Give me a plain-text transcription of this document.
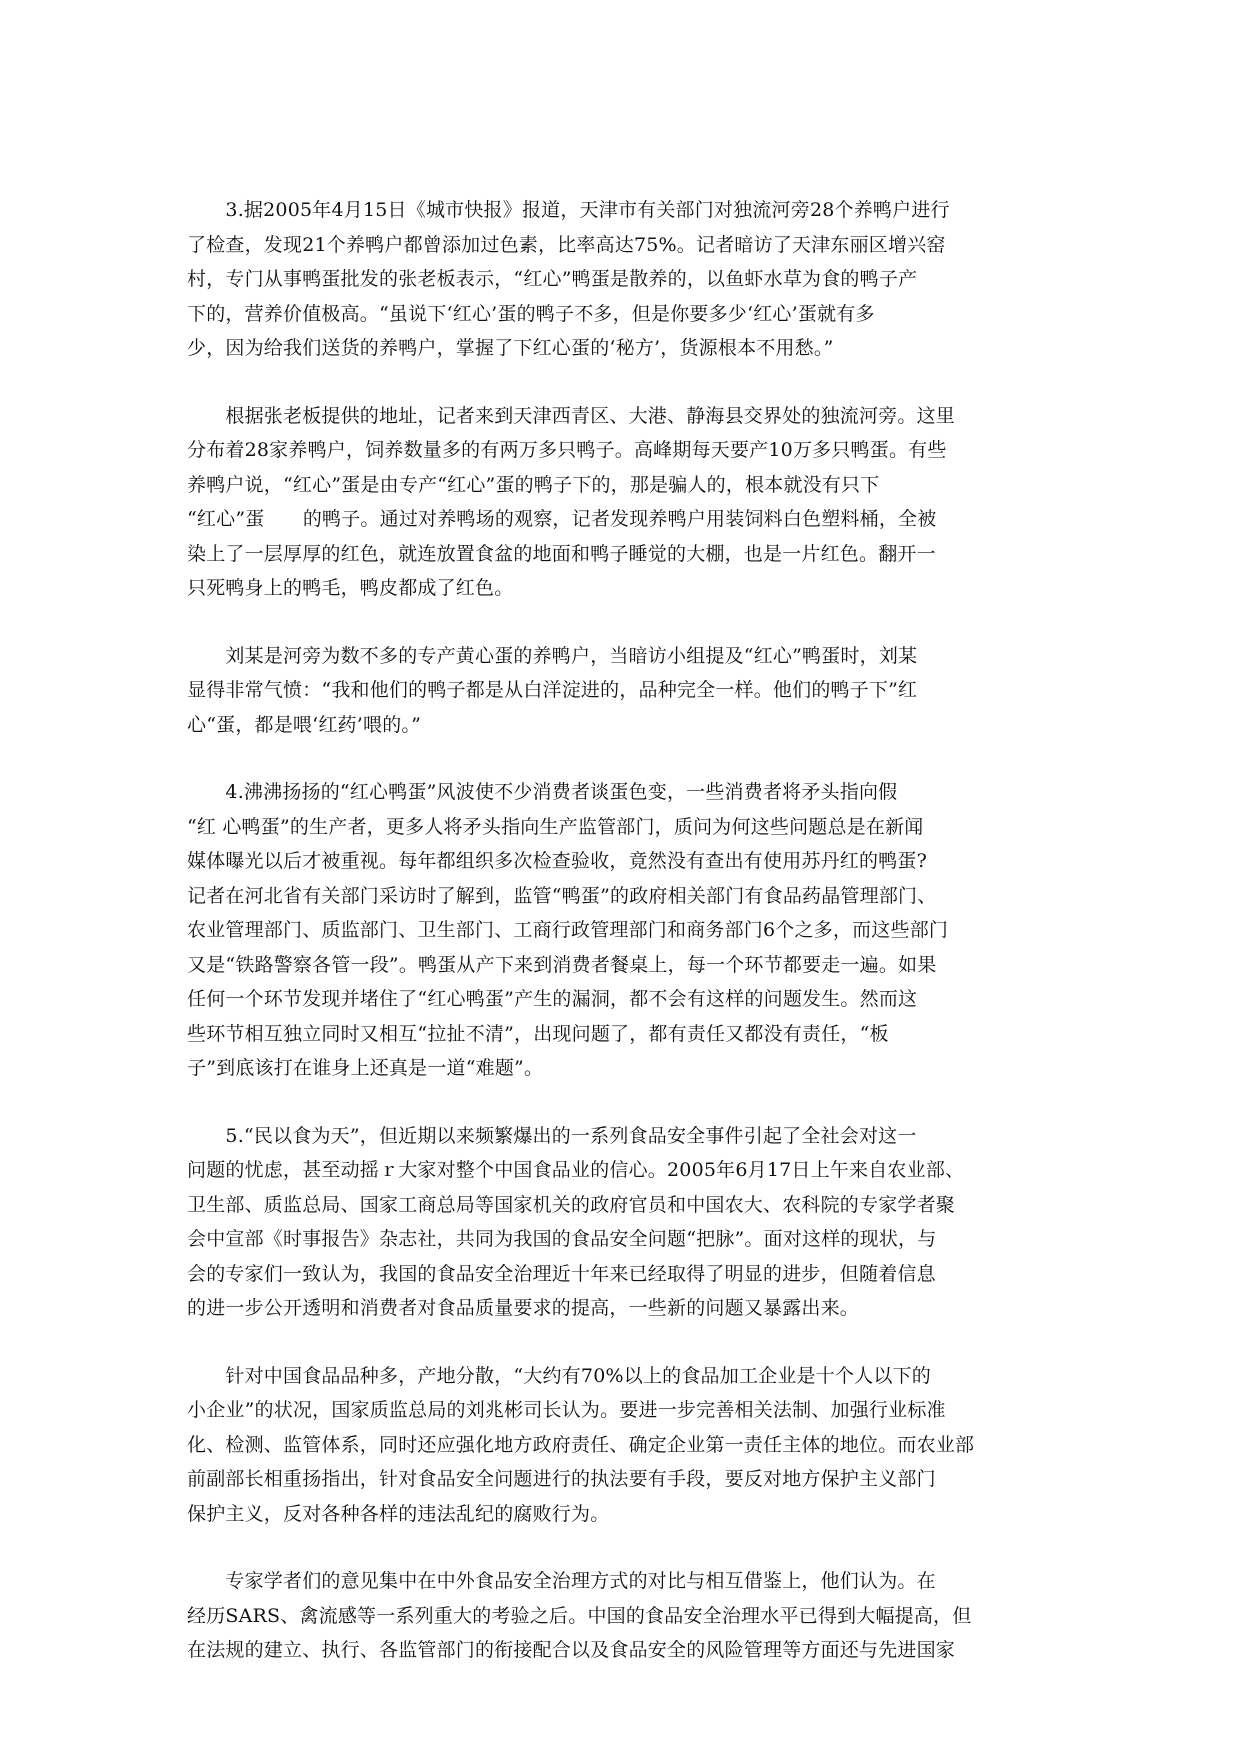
　　3.据2005年4月15日《城市快报》报道，天津市有关部门对独流河旁28个养鸭户进行
了检查，发现21个养鸭户都曾添加过色素，比率高达75%。记者暗访了天津东丽区增兴窑
村，专门从事鸭蛋批发的张老板表示，“红心”鸭蛋是散养的，以鱼虾水草为食的鸭子产
下的，营养价值极高。“虽说下‘红心’蛋的鸭子不多，但是你要多少‘红心’蛋就有多
少，因为给我们送货的养鸭户，掌握了下红心蛋的‘秘方’，货源根本不用愁。”
　　根据张老板提供的地址，记者来到天津西青区、大港、静海县交界处的独流河旁。这里
分布着28家养鸭户，饲养数量多的有两万多只鸭子。高峰期每天要产10万多只鸭蛋。有些
养鸭户说，“红心”蛋是由专产“红心”蛋的鸭子下的，那是骗人的，根本就没有只下
“红心”蛋　　的鸭子。通过对养鸭场的观察，记者发现养鸭户用装饲料白色塑料桶，全被
染上了一层厚厚的红色，就连放置食盆的地面和鸭子睡觉的大棚，也是一片红色。翻开一
只死鸭身上的鸭毛，鸭皮都成了红色。
　　刘某是河旁为数不多的专产黄心蛋的养鸭户，当暗访小组提及“红心”鸭蛋时，刘某
显得非常气愤：“我和他们的鸭子都是从白洋淀进的，品种完全一样。他们的鸭子下”红
心“蛋，都是喂‘红药’喂的。”
　　4.沸沸扬扬的“红心鸭蛋”风波使不少消费者谈蛋色变，一些消费者将矛头指向假
“红 心鸭蛋”的生产者，更多人将矛头指向生产监管部门，质问为何这些问题总是在新闻
媒体曝光以后才被重视。每年都组织多次检查验收，竟然没有查出有使用苏丹红的鸭蛋?
记者在河北省有关部门采访时了解到，监管“鸭蛋”的政府相关部门有食品药晶管理部门、
农业管理部门、质监部门、卫生部门、工商行政管理部门和商务部门6个之多，而这些部门
又是“铁路警察各管一段”。鸭蛋从产下来到消费者餐桌上，每一个环节都要走一遍。如果
任何一个环节发现并堵住了“红心鸭蛋”产生的漏洞，都不会有这样的问题发生。然而这
些环节相互独立同时又相互“拉扯不清”，出现问题了，都有责任又都没有责任，“板
子”到底该打在谁身上还真是一道“难题”。
　　5.“民以食为天”，但近期以来频繁爆出的一系列食品安全事件引起了全社会对这一
问题的忧虑，甚至动摇ｒ大家对整个中国食品业的信心。2005年6月17日上午来自农业部、
卫生部、质监总局、国家工商总局等国家机关的政府官员和中国农大、农科院的专家学者聚
会中宣部《时事报告》杂志社，共同为我国的食品安全问题“把脉”。面对这样的现状，与
会的专家们一致认为，我国的食品安全治理近十年来已经取得了明显的进步，但随着信息
的进一步公开透明和消费者对食品质量要求的提高，一些新的问题又暴露出来。
　　针对中国食品品种多，产地分散，“大约有70%以上的食品加工企业是十个人以下的
小企业”的状况，国家质监总局的刘兆彬司长认为。要进一步完善相关法制、加强行业标准
化、检测、监管体系，同时还应强化地方政府责任、确定企业第一责任主体的地位。而农业部
前副部长相重扬指出，针对食品安全问题进行的执法要有手段，要反对地方保护主义部门
保护主义，反对各种各样的违法乱纪的腐败行为。
　　专家学者们的意见集中在中外食品安全治理方式的对比与相互借鉴上，他们认为。在
经历SARS、禽流感等一系列重大的考验之后。中国的食品安全治理水平已得到大幅提高，但
在法规的建立、执行、各监管部门的衔接配合以及食品安全的风险管理等方面还与先进国家
